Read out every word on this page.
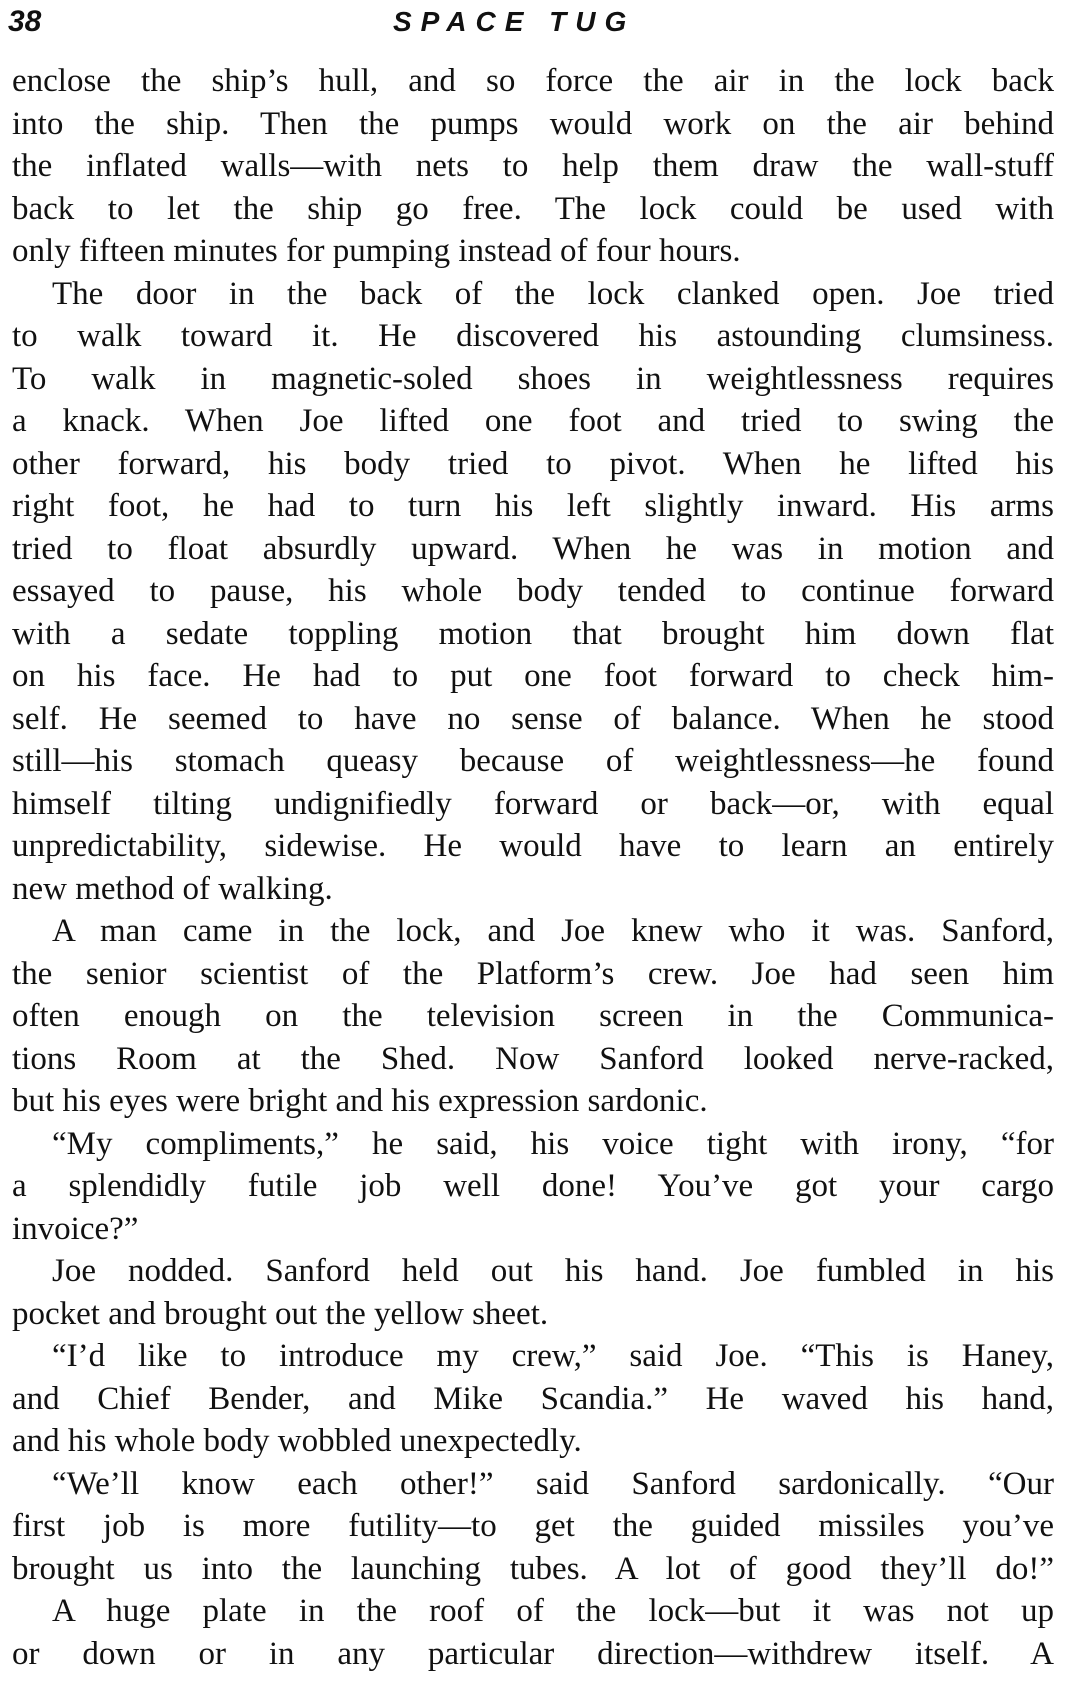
38	SPACE TUG
enclose the ship’s hull, and so force the air in the lock back
into the ship. Then the pumps would work on the air behind
the inflated walls—with nets to help them draw the wall-stuff
back to let the ship go free. The lock could be used with
only fifteen minutes for pumping instead of four hours.
The door in the back of the lock clanked open. Joe tried
to walk toward it. He discovered his astounding clumsiness.
To walk in magnetic-soled shoes in weightlessness requires
a knack. When Joe lifted one foot and tried to swing the
other forward, his body tried to pivot. When he lifted his
right foot, he had to turn his left slightly inward. His arms
tried to float absurdly upward. When he was in motion and
essayed to pause, his whole body tended to continue forward
with a sedate toppling motion that brought him down flat
on his face. He had to put one foot forward to check him-
self. He seemed to have no sense of balance. When he stood
still—his stomach queasy because of weightlessness—he found
himself tilting undignifiedly forward or back—or, with equal
unpredictability, sidewise. He would have to learn an entirely
new method of walking.
A man came in the lock, and Joe knew who it was. Sanford,
the senior scientist of the Platform’s crew. Joe had seen him
often enough on the television screen in the Communica-
tions Room at the Shed. Now Sanford looked nerve-racked,
but his eyes were bright and his expression sardonic.
“My compliments,” he said, his voice tight with irony, “for
a splendidly futile job well done! You’ve got your cargo
invoice?”
Joe nodded. Sanford held out his hand. Joe fumbled in his
pocket and brought out the yellow sheet.
“I’d like to introduce my crew,” said Joe. “This is Haney,
and Chief Bender, and Mike Scandia.” He waved his hand,
and his whole body wobbled unexpectedly.
“We’ll know each other!” said Sanford sardonically. “Our
first job is more futility—to get the guided missiles you’ve
brought us into the launching tubes. A lot of good they’ll do!”
A huge plate in the roof of the lock—but it was not up
or down or in any particular direction—withdrew itself. A
